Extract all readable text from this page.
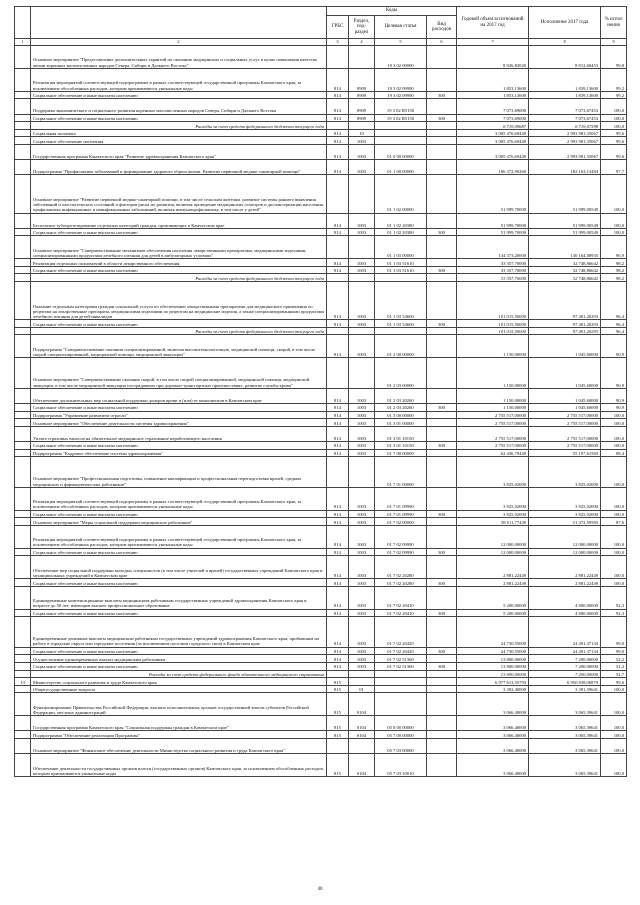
		Коды				Годовой объем ассигнований на 2017 год	Исполнение 2017 года	% испол нения
		ГРБС	Раздел, под-раздел	Целевая статья	Вид расходов			
1	2	3	4	5	6	7	8	9
	Основное мероприятие "Предоставление дополнительных гарантий по оказанию медицинских и социальных услуг в целях повышения качества жизни коренных малочисленных народов Севера, Сибири и Дальнего Востока"			19 3 02 00000		8 926,82020	8 912,60453	99,8
	Реализация мероприятий соответствующей подпрограммы в рамках соответствующей государственной программы Камчатского края, за исключением обособленных расходов, которым присваиваются уникальные коды	814	0909	19 3 02 09990		1 853,13600	1 839,13600	99,2
	Социальное обеспечение и иные выплаты населению	814	0909	19 3 02 09990	300	1 853,13600	1 839,13600	99,2
	Поддержка экономического и социального развития коренных малочисленных народов Севера, Сибири и Дальнего Востока	814	0909	19 3 02 R5150		7 073,69000	7 073,67453	100,0
	Социальное обеспечение и иные выплаты населению	814	0909	19 3 02 R5150	300	7 073,69000	7 073,67453	100,0
	Расходы за счет средств федерального бюджета текущего года					6 719,09687	6 719,07598	100,0
	Социальная политика	814	10			3 005 476,69449	2 993 981,35067	99,6
	Социальное обеспечение населения	814	1003			3 005 476,69449	2 993 981,35067	99,6
	Государственная программа Камчатского края "Развитие здравоохранения Камчатского края"	814	1003	01 0 00 00000		3 005 476,69449	2 993 981,35067	99,6
	Подпрограмма "Профилактика заболеваний и формирование здорового образа жизни. Развитие первичной медико-санитарной помощи"	814	1003	01 1 00 00000		186 372,90260	182 163,13484	97,7
	Основное мероприятие "Развитие первичной медико-санитарной помощи, в том числе сельским жителям. развитие системы раннего выявления заболеваний и патологических состояний и факторов риска их развития, включая проведение медицинских осмотров и диспансеризации населения, профилактика инфекционных и неинфекционных заболеваний, включая иммунопрофилактику, в том числе у детей"			01 1 02 00000		51 999,70000	51 999,00549	100,0
	Бесплатное зубопротезирование отдельных категорий граждан, проживающих в Камчатском крае	814	1003	01 1 02 20380		51 999,70000	51 999,00549	100,0
	Социальное обеспечение и иные выплаты населению	814	1003	01 1 02 20380	300	51 999,70000	51 999,00549	100,0
	Основное мероприятие "Совершенствование механизмов обеспечения населения лекарственными препаратами, медицинскими изделиями, специализированными продуктами лечебного питания для детей в амбулаторных условиях"			01 1 03 00000		134 373,20000	130 164,08935	96,9
	Реализация отдельных полномочий в области лекарственного обеспечения	814	1003	01 1 03 51610		33 357,70000	32 748,86642	98,2
	Социальное обеспечение и иные выплаты населению	814	1003	01 1 03 51610	300	33 357,70000	32 748,86642	98,2
	Расходы за счет средств федерального бюджета текущего года					33 357,70000	32 748,86642	98,2
	Оказание отдельным категориям граждан социальной услуги по обеспечению лекарственными препаратами для медицинского применения по рецептам на лекарственные препараты, медицинскими изделиями по рецептам на медицинские изделия, а также специализированными продуктами лечебного питания для детей-инвалидов	814	1003	01 1 03 54600		101 015,50000	97 401,20293	96,4
	Социальное обеспечение и иные выплаты населению	814	1003	01 1 03 54600	300	101 015,50000	97 401,20293	96,4
	Расходы за счет средств федерального бюджета текущего года					101 015,50000	97 401,20293	96,4
	Подпрограмма "Совершенствование оказания специализированной, включая высокотехнологичную, медицинской помощи, скорой, в том числе скорой специализированной, медицинской помощи, медицинской эвакуации"	814	1003	01 2 00 00000		1 150,00000	1 045,60000	90,9
	Основное мероприятие "Совершенствование оказания скорой, в том числе скорой специализированной, медицинской помощи, медицинской эвакуации, в том числе медицинской эвакуации пострадавших при дорожно-транспортных происшествиях, развитие службы крови"			01 2 03 00000		1 150,00000	1 045,60000	90,9
	Обеспечение дополнительных мер социальной поддержки доноров крови и (или) ее компонентов в Камчатском крае	814	1003	01 2 03 20260		1 150,00000	1 045,60000	90,9
	Социальное обеспечение и иные выплаты населению	814	1003	01 2 03 20260	300	1 150,00000	1 045,60000	90,9
	Подпрограмма "Управление развитием отрасли"	814	1003	01 3 00 00000		2 755 517,00000	2 755 517,00000	100,0
	Основное мероприятие "Обеспечение деятельности системы здравоохранения"	814	1003	01 3 01 00000		2 755 517,00000	2 755 517,00000	100,0
	Уплата страховых взносов на обязательное медицинское страхование неработающего населения	814	1003	01 3 01 10150		2 755 517,00000	2 755 517,00000	100,0
	Социальное обеспечение и иные выплаты населению	814	1003	01 3 01 10150	300	2 755 517,00000	2 755 517,00000	100,0
	Подпрограмма "Кадровое обеспечение системы здравоохранения"	814	1003	01 7 00 00000		62 436,79449	55 197,61583	88,4
	Основное мероприятие "Профессиональная подготовка, повышение квалификации и профессиональная переподготовка врачей, средних медицинских и фармацевтических работников"			01 7 01 00000		3 825,02000	3 825,02000	100,0
	Реализация мероприятий соответствующей подпрограммы в рамках соответствующей государственной программы Камчатского края, за исключением обособленных расходов, которым присваиваются уникальные коды	814	1003	01 7 01 09990		3 825,02000	3 825,02000	100,0
	Социальное обеспечение и иные выплаты населению	814	1003	01 7 01 09990	300	3 825,02000	3 825,02000	100,0
	Основное мероприятие "Меры социальной поддержки медицинских работников"	814	1003	01 7 02 00000		58 611,77449	51 372,59583	87,6
	Реализация мероприятий соответствующей подпрограммы в рамках соответствующей государственной программы Камчатского края, за исключением обособленных расходов, которым присваиваются уникальные коды	814	1003	01 7 02 09990		12 000,00000	12 000,00000	100,0
	Социальное обеспечение и иные выплаты населению	814	1003	01 7 02 09990	300	12 000,00000	12 000,00000	100,0
	Обеспечение мер социальной поддержки молодых специалистов (в том числе учителей и врачей) государственных учреждений Камчатского края и муниципальных учреждений в Камчатском крае	814	1003	01 7 02 20280		2 881,22449	2 881,22449	100,0
	Социальное обеспечение и иные выплаты населению	814	1003	01 7 02 20280	300	2 881,22449	2 881,22449	100,0
	Единовременные компенсационные выплаты медицинским работникам государственных учреждений здравоохранения Камчатского края в возрасте до 50 лет, имеющим высшее профессиональное образование	814	1003	01 7 02 20410		5 200,00000	4 800,00000	92,3
	Социальное обеспечение и иные выплаты населению	814	1003	01 7 02 20410	300	5 200,00000	4 800,00000	92,3
	Единовременные денежные выплаты медицинским работникам государственных учреждений здравоохранения Камчатского края, прибывшим на работу в городские округа или городские поселения (за исключением поселков городского типа) в Камчатском крае	814	1003	01 7 02 20420		24 730,55000	24 491,37134	99,0
	Социальное обеспечение и иные выплаты населению	814	1003	01 7 02 20420	300	24 730,55000	24 491,37134	99,0
	Осуществление единовременных выплат медицинским работникам	814	1003	01 7 02 51360		13 800,00000	7 200,00000	52,2
	Социальное обеспечение и иные выплаты населению	814	1003	01 7 02 51360	300	13 800,00000	7 200,00000	52,2
	Расходы за счет средств федерального фонда обязательного медицинского страхования					13 690,00000	7 200,00000	52,7
13	Министерство социального развития и труда Камчатского края	815				6 977 613,35793	6 950 838,06879	99,6
	Общегосударственные вопросы	815	01			3 392,40000	3 391,39641	100,0
	Функционирование Правительства Российской Федерации, высших исполнительных органов государственной власти субъектов Российской Федерации, местных администраций	815	0104			3 066,40000	3 065,39641	100,0
	Государственная программа Камчатского края "Социальная поддержка граждан в Камчатском крае"	815	0104	05 0 00 00000		3 066,40000	3 065,39641	100,0
	Подпрограмма "Обеспечение реализации Программы"	815	0104	05 7 00 00000		3 066,40000	3 065,39641	100,0
	Основное мероприятие "Финансовое обеспечение деятельности Министерства социального развития и труда Камчатского края"			05 7 03 00000		3 066,40000	3 065,39641	100,0
	Обеспечение деятельности государственных органов власти (государственных органов) Камчатского края, за исключением обособленных расходов, которым присваиваются уникальные коды	815	0104	05 7 03 10010		3 066,40000	3 065,39641	100,0
40
